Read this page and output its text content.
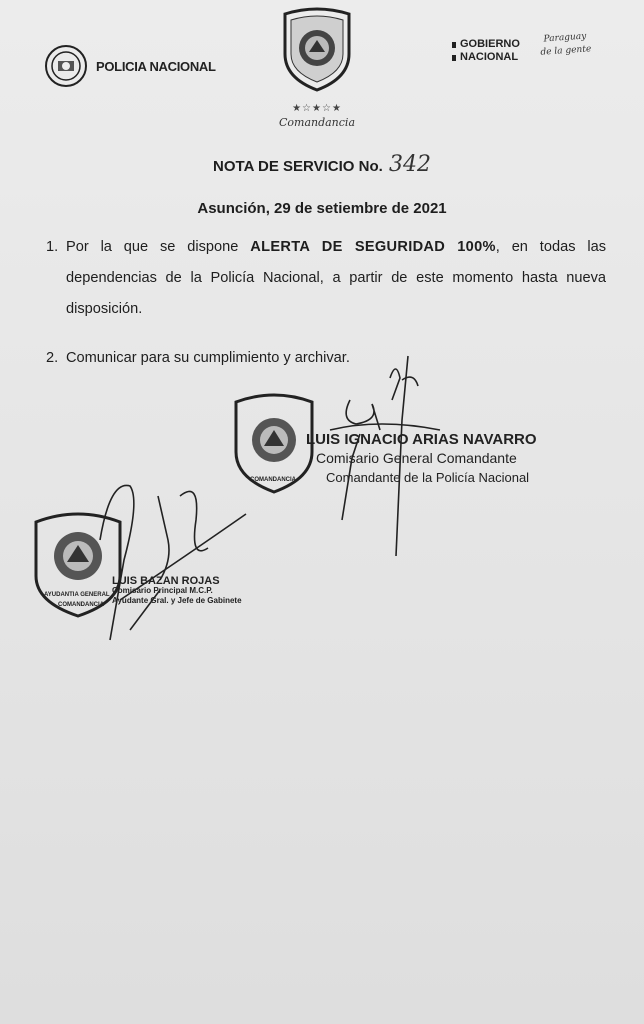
POLICIA NACIONAL
★☆★☆★
Comandancia
GOBIERNO
NACIONAL
Paraguay
de la gente
NOTA DE SERVICIO No. 342
Asunción, 29 de setiembre de 2021
1. Por la que se dispone ALERTA DE SEGURIDAD 100%, en todas las dependencias de la Policía Nacional, a partir de este momento hasta nueva disposición.
2. Comunicar para su cumplimiento y archivar.
COMANDANCIA
AYUDANTIA GENERAL
COMANDANCIA
LUIS IGNACIO ARIAS NAVARRO
Comisario General Comandante
Comandante de la Policía Nacional
LUIS BAZAN ROJAS
Comisario Principal M.C.P.
Ayudante Gral. y Jefe de Gabinete
